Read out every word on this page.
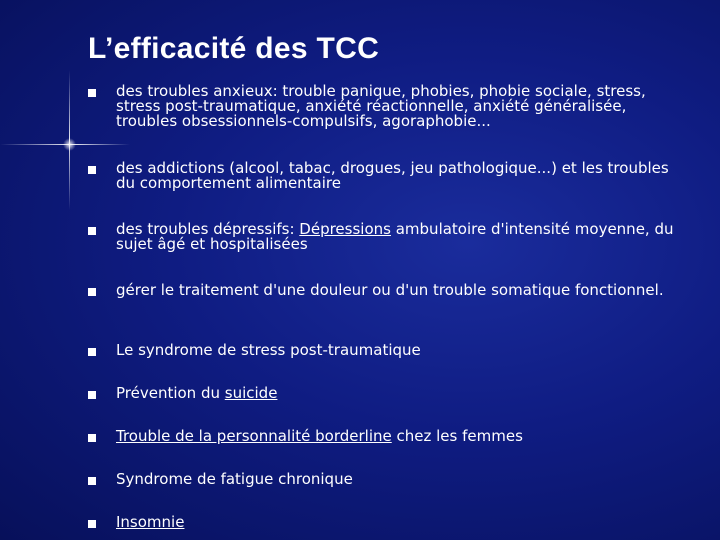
L’efficacité des TCC
des troubles anxieux: trouble panique, phobies, phobie sociale, stress, stress post-traumatique, anxiété réactionnelle, anxiété généralisée, troubles obsessionnels-compulsifs, agoraphobie...
des addictions (alcool, tabac, drogues, jeu pathologique...) et les troubles du comportement alimentaire
des troubles dépressifs: Dépressions ambulatoire d'intensité moyenne, du sujet âgé et hospitalisées
gérer le traitement d'une douleur ou d'un trouble somatique fonctionnel.
Le syndrome de stress post-traumatique
Prévention du suicide
Trouble de la personnalité borderline chez les femmes
Syndrome de fatigue chronique
Insomnie
